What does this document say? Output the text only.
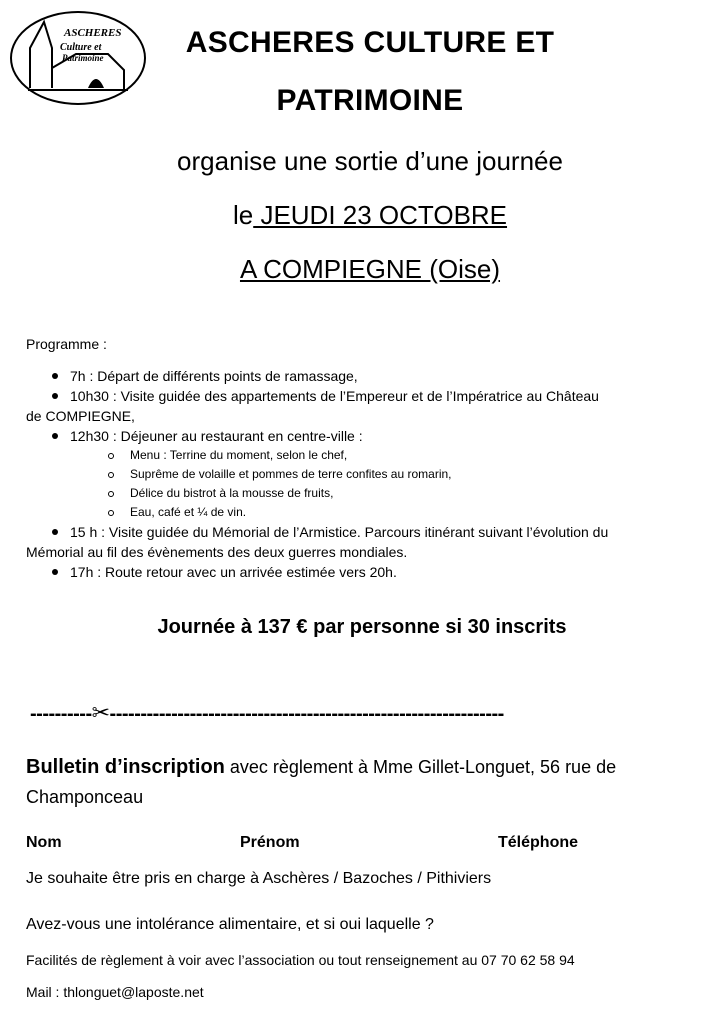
ASCHERES
Culture et
Patrimoine	ASCHERES CULTURE ET
PATRIMOINE
organise une sortie d’une journée
le JEUDI 23 OCTOBRE
A COMPIEGNE (Oise)
Programme :
7h : Départ de différents points de ramassage,
10h30 : Visite guidée des appartements de l’Empereur et de l’Impératrice au Château
de COMPIEGNE,
12h30 : Déjeuner au restaurant en centre-ville :
Menu : Terrine du moment, selon le chef,
Suprême de volaille et pommes de terre confites au romarin,
Délice du bistrot à la mousse de fruits,
Eau, café et ¼ de vin.
15 h : Visite guidée du Mémorial de l’Armistice. Parcours itinérant suivant l’évolution du
Mémorial au fil des évènements des deux guerres mondiales.
17h : Route retour avec un arrivée estimée vers 20h.
Journée à 137 € par personne si 30 inscrits
----------✂----------------------------------------------------------------
Bulletin d’inscription avec règlement à Mme Gillet-Longuet, 56 rue de Champonceau
Nom	Prénom	Téléphone
Je souhaite être pris en charge à Aschères / Bazoches / Pithiviers
Avez-vous une intolérance alimentaire, et si oui laquelle ?
Facilités de règlement à voir avec l’association ou tout renseignement au 07 70 62 58 94
Mail : thlonguet@laposte.net
